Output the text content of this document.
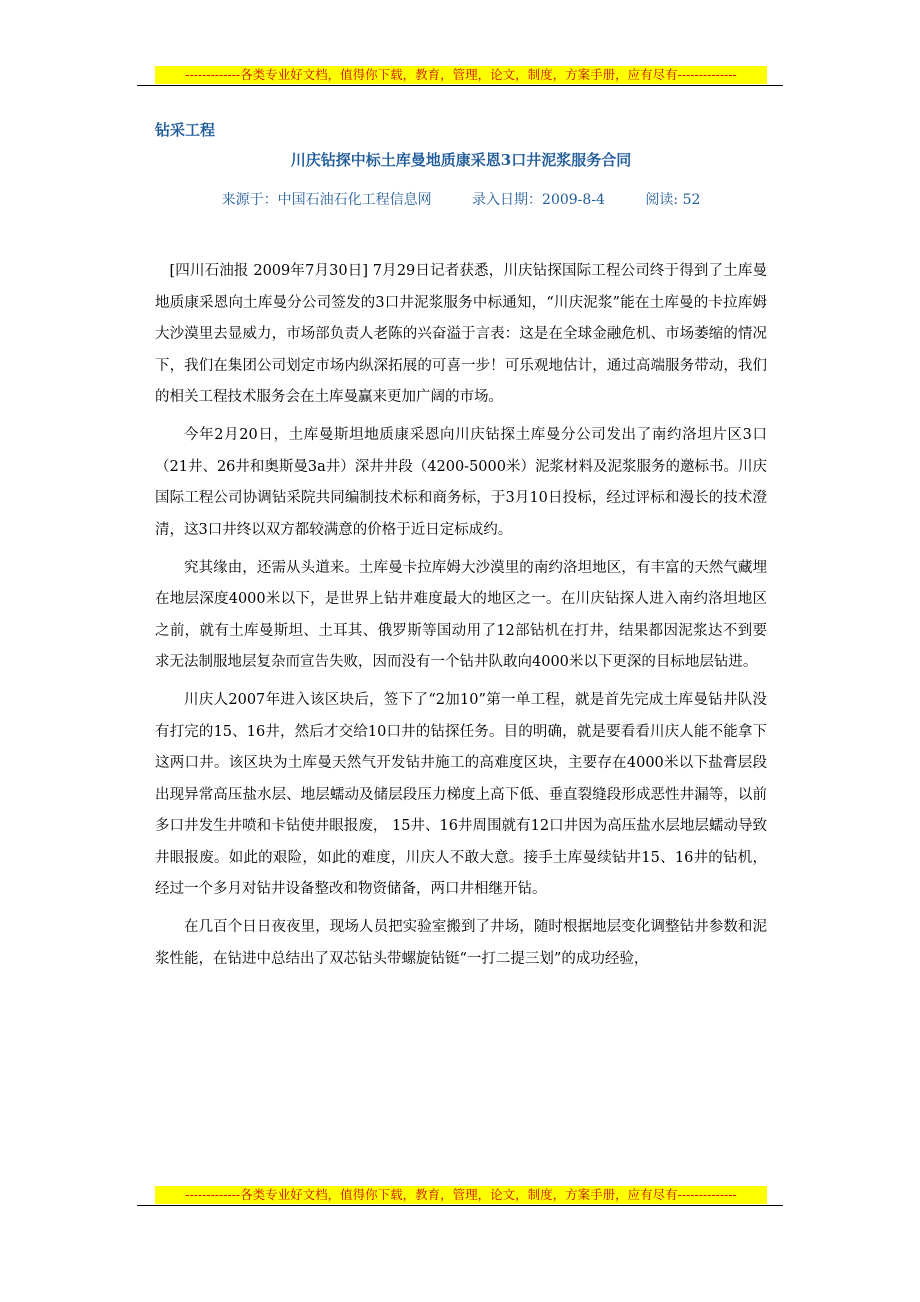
-------------各类专业好文档，值得你下载，教育，管理，论文，制度，方案手册，应有尽有--------------
钻采工程
川庆钻探中标土库曼地质康采恩3口井泥浆服务合同
来源于：中国石油石化工程信息网	录入日期：2009-8-4	阅读: 52

[四川石油报 2009年7月30日] 7月29日记者获悉，川庆钻探国际工程公司终于得到了土库曼地质康采恩向土库曼分公司签发的3口井泥浆服务中标通知，“川庆泥浆”能在土库曼的卡拉库姆大沙漠里去显威力，市场部负责人老陈的兴奋溢于言表：这是在全球金融危机、市场萎缩的情况下，我们在集团公司划定市场内纵深拓展的可喜一步！可乐观地估计，通过高端服务带动，我们的相关工程技术服务会在土库曼赢来更加广阔的市场。

今年2月20日，土库曼斯坦地质康采恩向川庆钻探土库曼分公司发出了南约洛坦片区3口（21井、26井和奥斯曼3a井）深井井段（4200-5000米）泥浆材料及泥浆服务的邀标书。川庆国际工程公司协调钻采院共同编制技术标和商务标，于3月10日投标，经过评标和漫长的技术澄清，这3口井终以双方都较满意的价格于近日定标成约。

究其缘由，还需从头道来。土库曼卡拉库姆大沙漠里的南约洛坦地区，有丰富的天然气藏埋在地层深度4000米以下，是世界上钻井难度最大的地区之一。在川庆钻探人进入南约洛坦地区之前，就有土库曼斯坦、土耳其、俄罗斯等国动用了12部钻机在打井，结果都因泥浆达不到要求无法制服地层复杂而宣告失败，因而没有一个钻井队敢向4000米以下更深的目标地层钻进。

川庆人2007年进入该区块后，签下了“2加10”第一单工程，就是首先完成土库曼钻井队没有打完的15、16井，然后才交给10口井的钻探任务。目的明确，就是要看看川庆人能不能拿下这两口井。该区块为土库曼天然气开发钻井施工的高难度区块，主要存在4000米以下盐膏层段出现异常高压盐水层、地层蠕动及储层段压力梯度上高下低、垂直裂缝段形成恶性井漏等，以前多口井发生井喷和卡钻使井眼报废， 15井、16井周围就有12口井因为高压盐水层地层蠕动导致井眼报废。如此的艰险，如此的难度，川庆人不敢大意。接手土库曼续钻井15、16井的钻机，经过一个多月对钻井设备整改和物资储备，两口井相继开钻。

在几百个日日夜夜里，现场人员把实验室搬到了井场，随时根据地层变化调整钻井参数和泥浆性能，在钻进中总结出了双芯钻头带螺旋钻铤“一打二提三划”的成功经验，

-------------各类专业好文档，值得你下载，教育，管理，论文，制度，方案手册，应有尽有--------------
